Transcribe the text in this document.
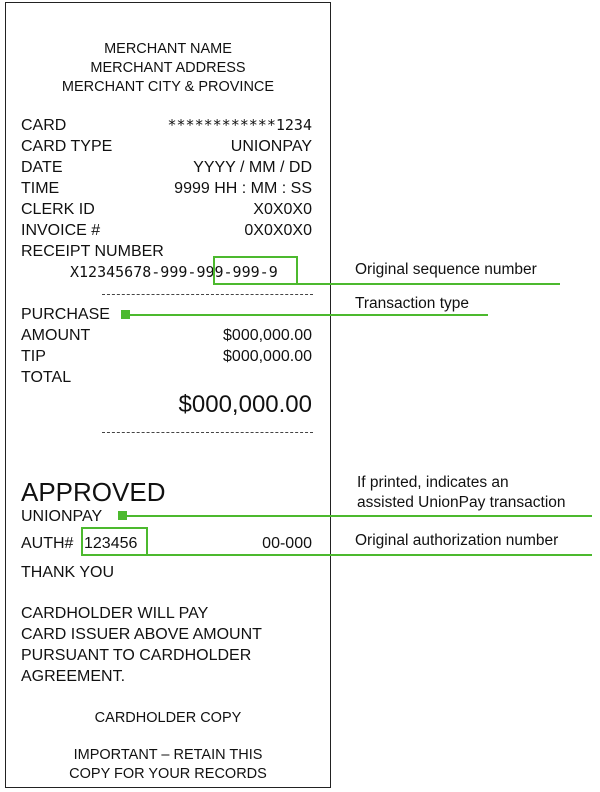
MERCHANT NAME
MERCHANT ADDRESS
MERCHANT CITY & PROVINCE
CARD	************1234
CARD TYPE	UNIONPAY
DATE	YYYY / MM / DD
TIME	9999 HH : MM : SS
CLERK ID	X0X0X0
INVOICE #	0X0X0X0
RECEIPT NUMBER
X12345678-999-999-999-9
PURCHASE
AMOUNT	$000,000.00
TIP	$000,000.00
TOTAL
$000,000.00
APPROVED
UNIONPAY
AUTH# 123456	00-000
THANK YOU
CARDHOLDER WILL PAY
CARD ISSUER ABOVE AMOUNT
PURSUANT TO CARDHOLDER
AGREEMENT.
CARDHOLDER COPY
IMPORTANT – RETAIN THIS
COPY FOR YOUR RECORDS
Original sequence number
Transaction type
If printed, indicates an
assisted UnionPay transaction
Original authorization number
